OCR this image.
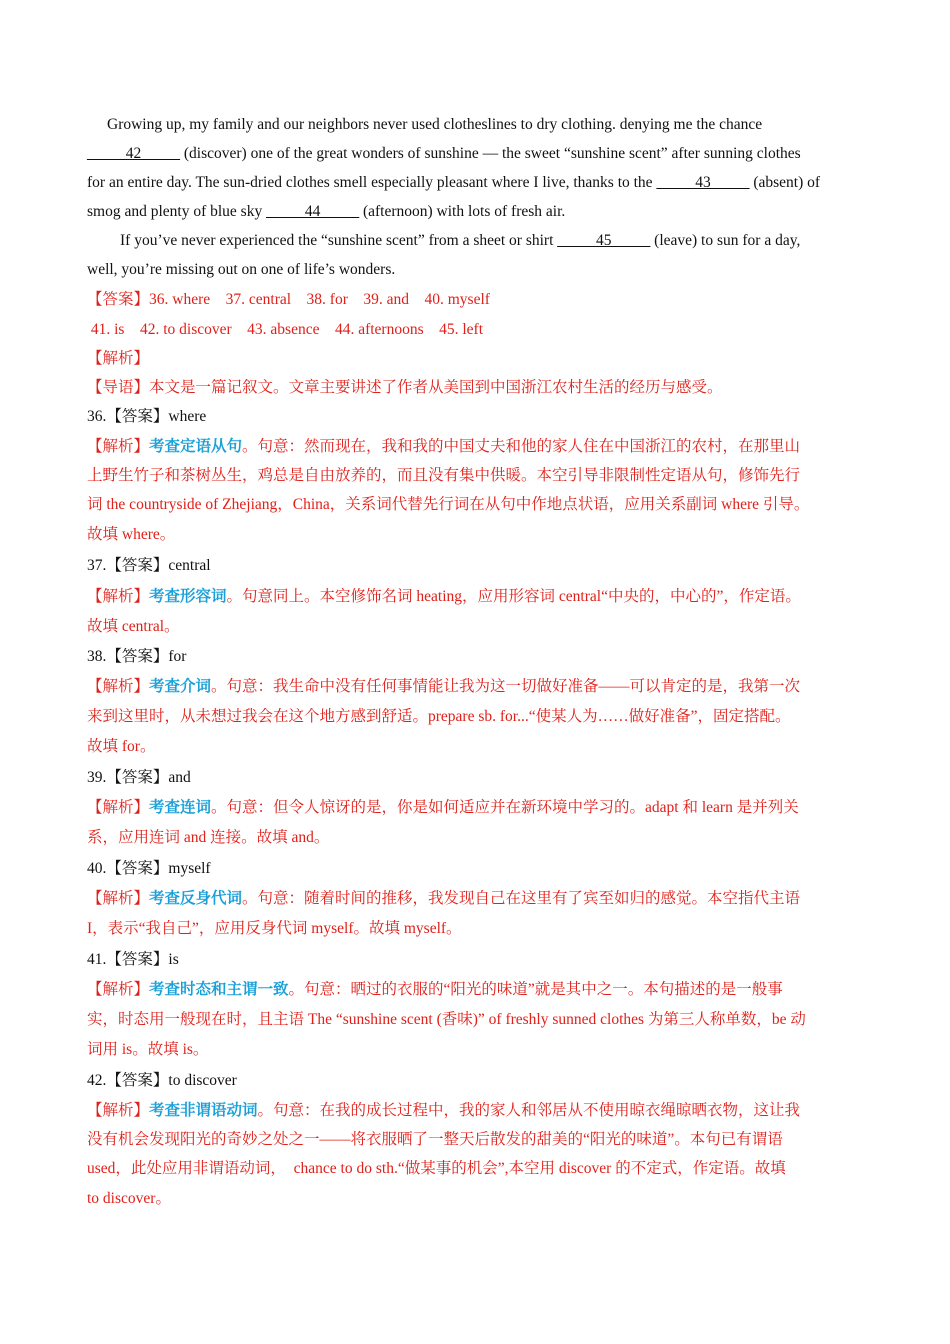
Growing up, my family and our neighbors never used clotheslines to dry clothing. denying me the chance
_____42_____ (discover) one of the great wonders of sunshine — the sweet “sunshine scent” after sunning clothes
for an entire day. The sun-dried clothes smell especially pleasant where I live, thanks to the _____43_____ (absent) of
smog and plenty of blue sky _____44_____ (afternoon) with lots of fresh air.
If you’ve never experienced the “sunshine scent” from a sheet or shirt _____45_____ (leave) to sun for a day,
well, you’re missing out on one of life’s wonders.
【答案】36. where    37. central    38. for    39. and    40. myself
41. is    42. to discover    43. absence    44. afternoons    45. left
【解析】
【导语】本文是一篇记叙文。文章主要讲述了作者从美国到中国浙江农村生活的经历与感受。
36.【答案】where
【解析】考查定语从句。句意：然而现在，我和我的中国丈夫和他的家人住在中国浙江的农村，在那里山
上野生竹子和茶树丛生，鸡总是自由放养的，而且没有集中供暖。本空引导非限制性定语从句，修饰先行
词 the countryside of Zhejiang，China，关系词代替先行词在从句中作地点状语，应用关系副词 where 引导。
故填 where。
37.【答案】central
【解析】考查形容词。句意同上。本空修饰名词 heating，应用形容词 central“中央的，中心的”，作定语。
故填 central。
38.【答案】for
【解析】考查介词。句意：我生命中没有任何事情能让我为这一切做好准备——可以肯定的是，我第一次
来到这里时，从未想过我会在这个地方感到舒适。prepare sb. for...“使某人为……做好准备”，固定搭配。
故填 for。
39.【答案】and
【解析】考查连词。句意：但令人惊讶的是，你是如何适应并在新环境中学习的。adapt 和 learn 是并列关
系，应用连词 and 连接。故填 and。
40.【答案】myself
【解析】考查反身代词。句意：随着时间的推移，我发现自己在这里有了宾至如归的感觉。本空指代主语
I，表示“我自己”，应用反身代词 myself。故填 myself。
41.【答案】is
【解析】考查时态和主谓一致。句意：晒过的衣服的“阳光的味道”就是其中之一。本句描述的是一般事
实，时态用一般现在时，且主语 The “sunshine scent (香味)” of freshly sunned clothes 为第三人称单数，be 动
词用 is。故填 is。
42.【答案】to discover
【解析】考查非谓语动词。句意：在我的成长过程中，我的家人和邻居从不使用晾衣绳晾晒衣物，这让我
没有机会发现阳光的奇妙之处之一——将衣服晒了一整天后散发的甜美的“阳光的味道”。本句已有谓语
used，此处应用非谓语动词，　chance to do sth.“做某事的机会”,本空用 discover 的不定式，作定语。故填
to discover。
